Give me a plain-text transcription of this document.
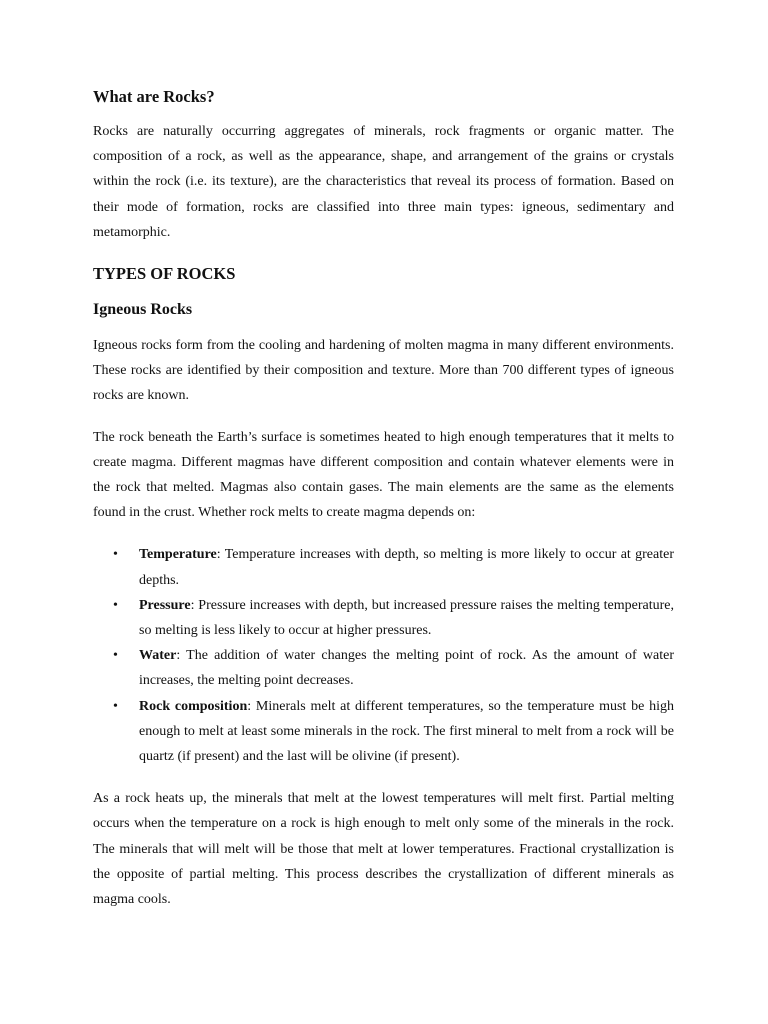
What are Rocks?

Rocks are naturally occurring aggregates of minerals, rock fragments or organic matter. The composition of a rock, as well as the appearance, shape, and arrangement of the grains or crystals within the rock (i.e. its texture), are the characteristics that reveal its process of formation. Based on their mode of formation, rocks are classified into three main types: igneous, sedimentary and metamorphic.

TYPES OF ROCKS
Igneous Rocks

Igneous rocks form from the cooling and hardening of molten magma in many different environments. These rocks are identified by their composition and texture. More than 700 different types of igneous rocks are known.

The rock beneath the Earth’s surface is sometimes heated to high enough temperatures that it melts to create magma. Different magmas have different composition and contain whatever elements were in the rock that melted. Magmas also contain gases. The main elements are the same as the elements found in the crust. Whether rock melts to create magma depends on:

• Temperature: Temperature increases with depth, so melting is more likely to occur at greater depths.
• Pressure: Pressure increases with depth, but increased pressure raises the melting temperature, so melting is less likely to occur at higher pressures.
• Water: The addition of water changes the melting point of rock. As the amount of water increases, the melting point decreases.
• Rock composition: Minerals melt at different temperatures, so the temperature must be high enough to melt at least some minerals in the rock. The first mineral to melt from a rock will be quartz (if present) and the last will be olivine (if present).

As a rock heats up, the minerals that melt at the lowest temperatures will melt first. Partial melting occurs when the temperature on a rock is high enough to melt only some of the minerals in the rock. The minerals that will melt will be those that melt at lower temperatures. Fractional crystallization is the opposite of partial melting. This process describes the crystallization of different minerals as magma cools.
